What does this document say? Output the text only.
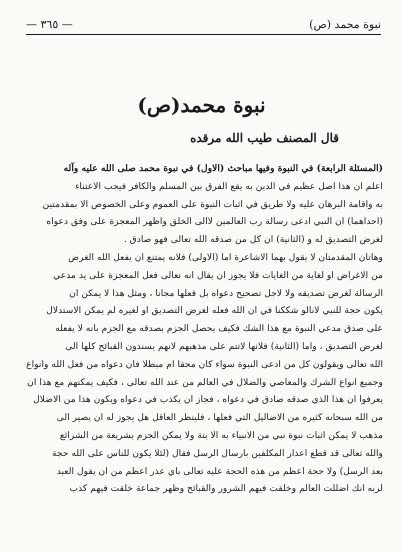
نبوة محمد (ص)
— ٣٦٥ —
نبوة محمد(ص)
قال المصنف طيب الله مرقده
(المسئلة الرابعة) في النبوة وفيها مباحث (الاول) في نبوة محمد صلى الله عليه وآله
اعلم ان هذا اصل عظيم في الدين به يقع الفرق بين المسلم والكافر فيجب الاعتناء
به واقامة البرهان عليه ولا طريق في اثبات النبوة على العموم وعلى الخصوص الا بمقدمتين
(احداهما) ان النبي ادعى رسالة رب العالمين لاالى الخلق واظهر المعجزة على وفق دعواه
لغرض التصديق له و (الثانية) ان كل من صدقه الله تعالى فهو صادق .
وهاتان المقدمتان لا يقول بهما الاشاعرة اما (الاولى) فلانه يمتنع ان يفعل الله الغرض
من الاغراض او لغاية من الغايات فلا يجوز ان يقال انه تعالى فعل المعجزة على يد مدعي
الرسالة لغرض تصديقه ولا لاجل تصحيح دعواه بل فعلها مجانا ، ومثل هذا لا يمكن ان
يكون حجة للنبي لانالو شككنا في ان الله فعله لغرض التصديق او لغيره لم يمكن الاستدلال
على صدق مدعي النبوة مع هذا الشك فكيف يحصل الجزم بصدقه مع الجزم بانه لا يفعله
لغرض التصديق ، واما (الثانية) فلانها لاتتم على مذهبهم لانهم يسندون القبائح كلها الى
الله تعالى ويقولون كل من ادعى النبوة سواء كان محقا ام مبطلا فان دعواه من فعل الله وانواع
وجميع انواع الشرك والمعاصي والضلال في العالم من عند الله تعالى ، فكيف يمكنهم مع هذا ان
يعرفوا ان هذا الذي صدقه صادق في دعواه ، فجاز ان يكذب في دعواه ويكون هذا من الاضلال
من الله سبحانه كثيره من الاضاليل التي فعلها ، فلينظر العاقل هل يجوز له ان يصير الى
مذهب لا يمكن اثبات نبوة نبي من الانبياء به الا بتة ولا يمكن الجزم بشريعة من الشرائع
والله تعالى قد قطع اعذار المكلفين بارسال الرسل فقال (لئلا يكون للناس على الله حجة
بعد الرسل) ولا حجة اعظم من هذه الحجة عليه تعالى باي عذر اعظم من ان يقول العبد
لربه انك اضللت العالم وخلقت فيهم الشرور والقبائح وظهر جماعة خلقت فيهم كذب
